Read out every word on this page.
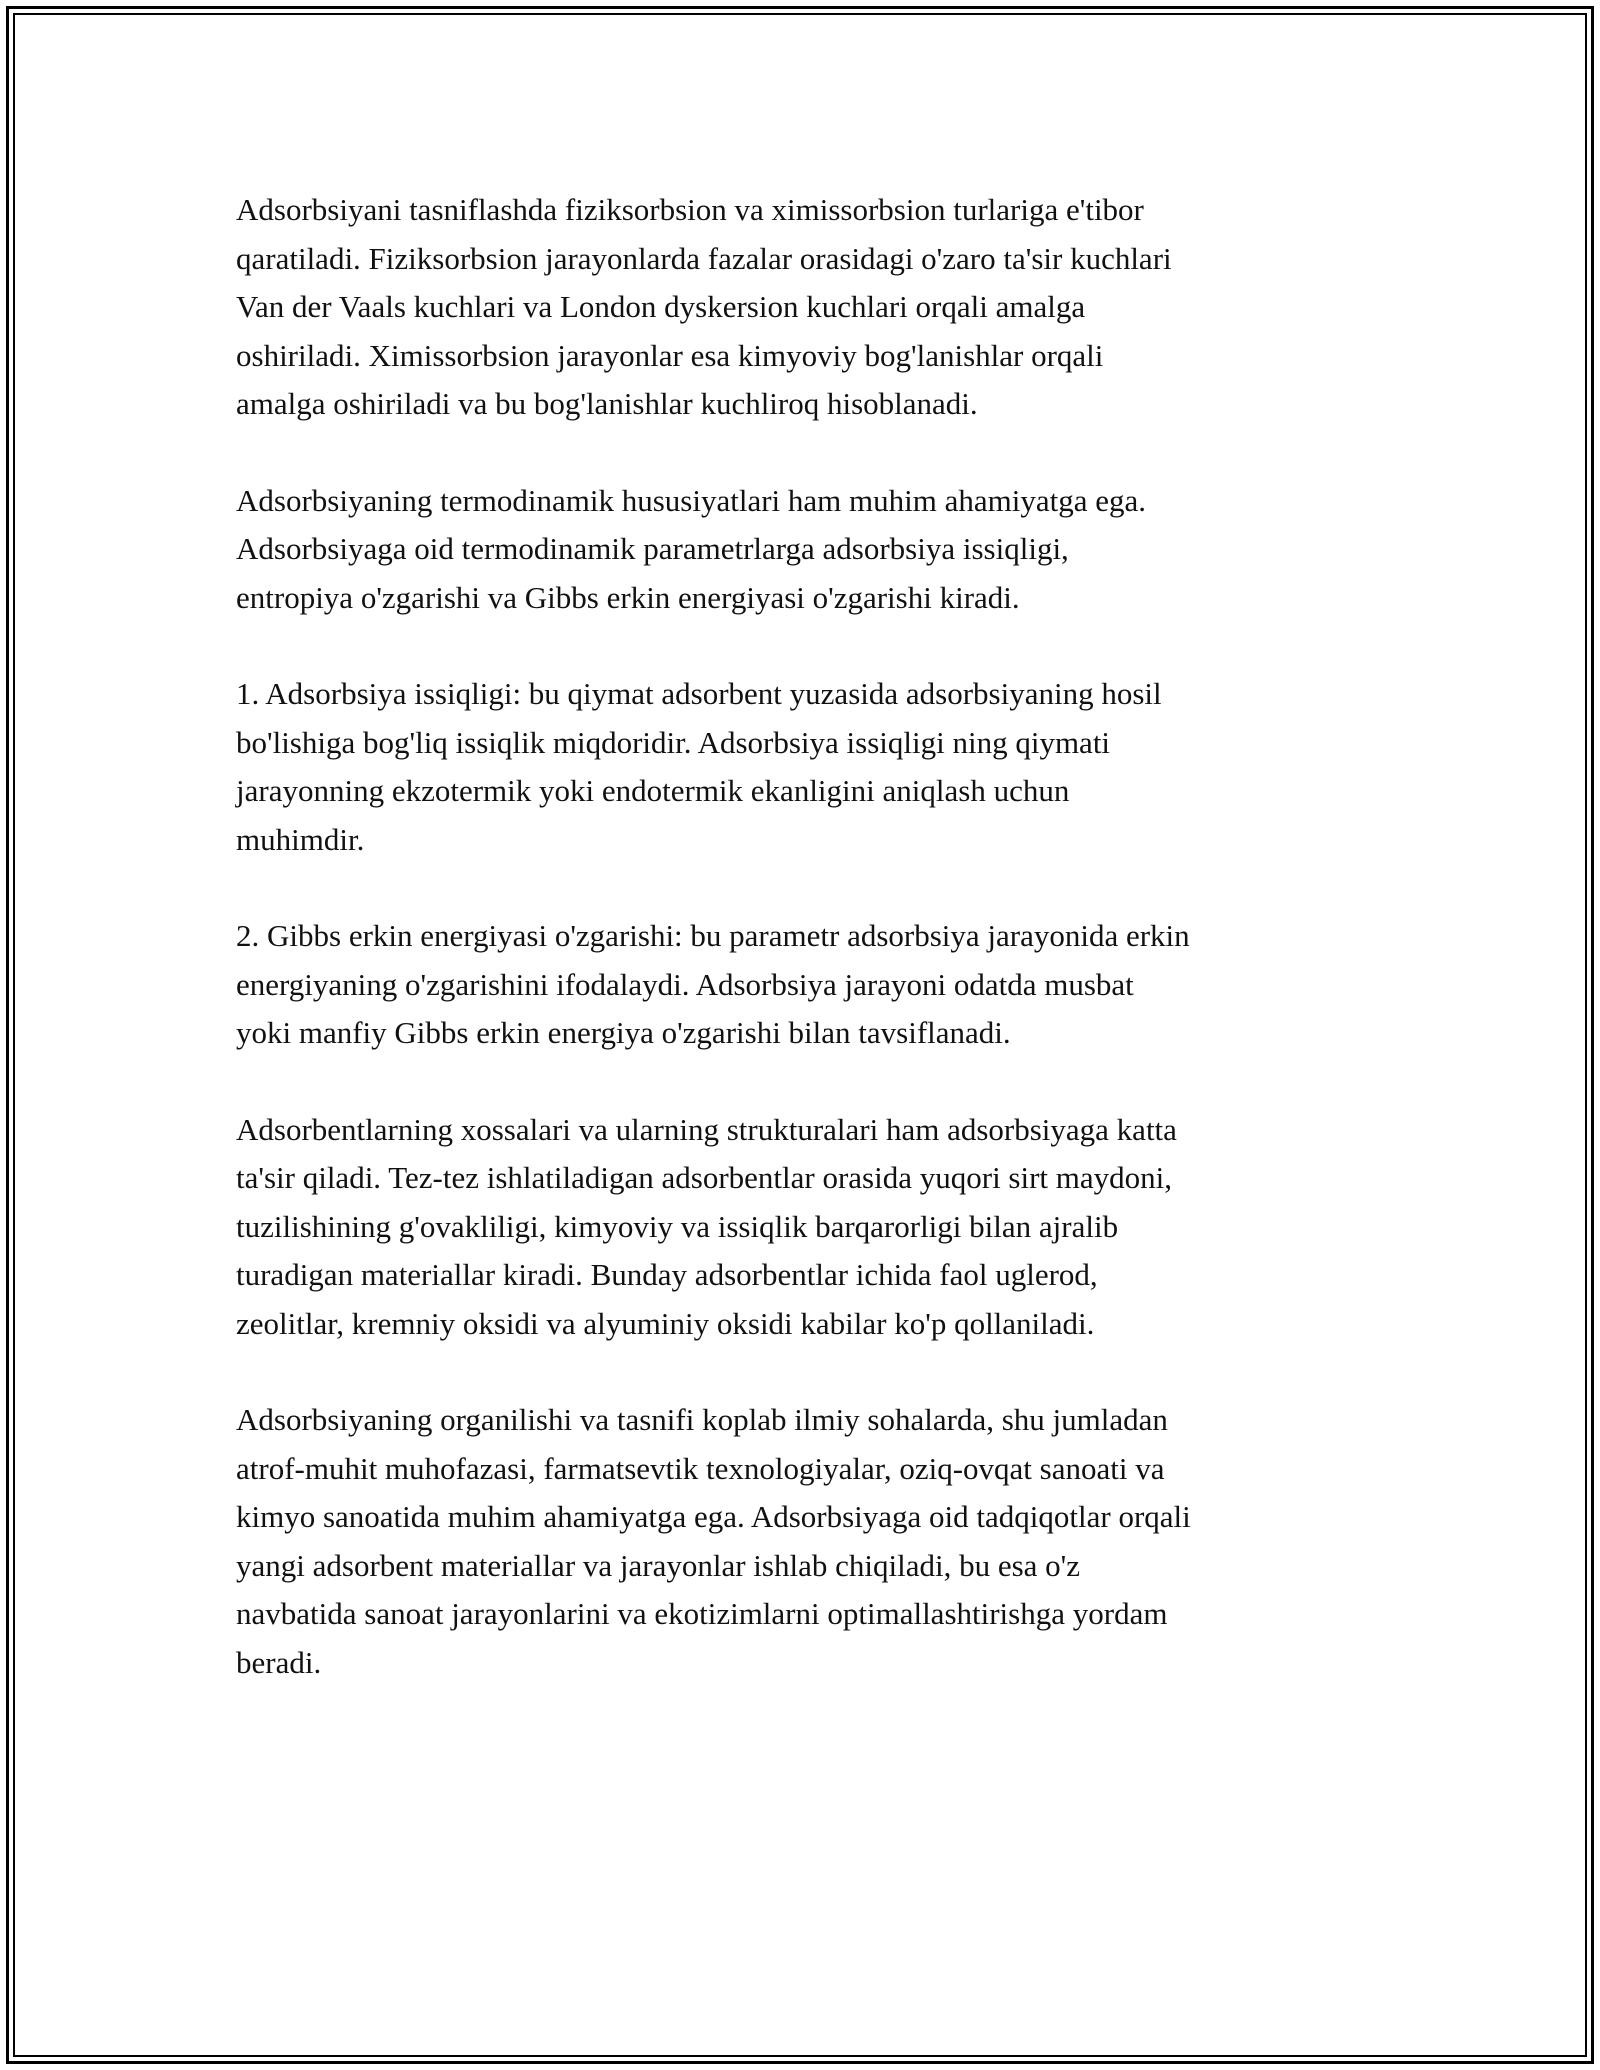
Adsorbsiyani tasniflashda fiziksorbsion va ximissorbsion turlariga e'tibor
qaratiladi. Fiziksorbsion jarayonlarda fazalar orasidagi o'zaro ta'sir kuchlari
Van der Vaals kuchlari va London dyskersion kuchlari orqali amalga
oshiriladi. Ximissorbsion jarayonlar esa kimyoviy bog'lanishlar orqali
amalga oshiriladi va bu bog'lanishlar kuchliroq hisoblanadi.

Adsorbsiyaning termodinamik hususiyatlari ham muhim ahamiyatga ega.
Adsorbsiyaga oid termodinamik parametrlarga adsorbsiya issiqligi,
entropiya o'zgarishi va Gibbs erkin energiyasi o'zgarishi kiradi.

1. Adsorbsiya issiqligi: bu qiymat adsorbent yuzasida adsorbsiyaning hosil
bo'lishiga bog'liq issiqlik miqdoridir. Adsorbsiya issiqligi ning qiymati
jarayonning ekzotermik yoki endotermik ekanligini aniqlash uchun
muhimdir.

2. Gibbs erkin energiyasi o'zgarishi: bu parametr adsorbsiya jarayonida erkin
energiyaning o'zgarishini ifodalaydi. Adsorbsiya jarayoni odatda musbat
yoki manfiy Gibbs erkin energiya o'zgarishi bilan tavsiflanadi.

Adsorbentlarning xossalari va ularning strukturalari ham adsorbsiyaga katta
ta'sir qiladi. Tez-tez ishlatiladigan adsorbentlar orasida yuqori sirt maydoni,
tuzilishining g'ovakliligi, kimyoviy va issiqlik barqarorligi bilan ajralib
turadigan materiallar kiradi. Bunday adsorbentlar ichida faol uglerod,
zeolitlar, kremniy oksidi va alyuminiy oksidi kabilar ko'p qollaniladi.

Adsorbsiyaning organilishi va tasnifi koplab ilmiy sohalarda, shu jumladan
atrof-muhit muhofazasi, farmatsevtik texnologiyalar, oziq-ovqat sanoati va
kimyo sanoatida muhim ahamiyatga ega. Adsorbsiyaga oid tadqiqotlar orqali
yangi adsorbent materiallar va jarayonlar ishlab chiqiladi, bu esa o'z
navbatida sanoat jarayonlarini va ekotizimlarni optimallashtirishga yordam
beradi.
